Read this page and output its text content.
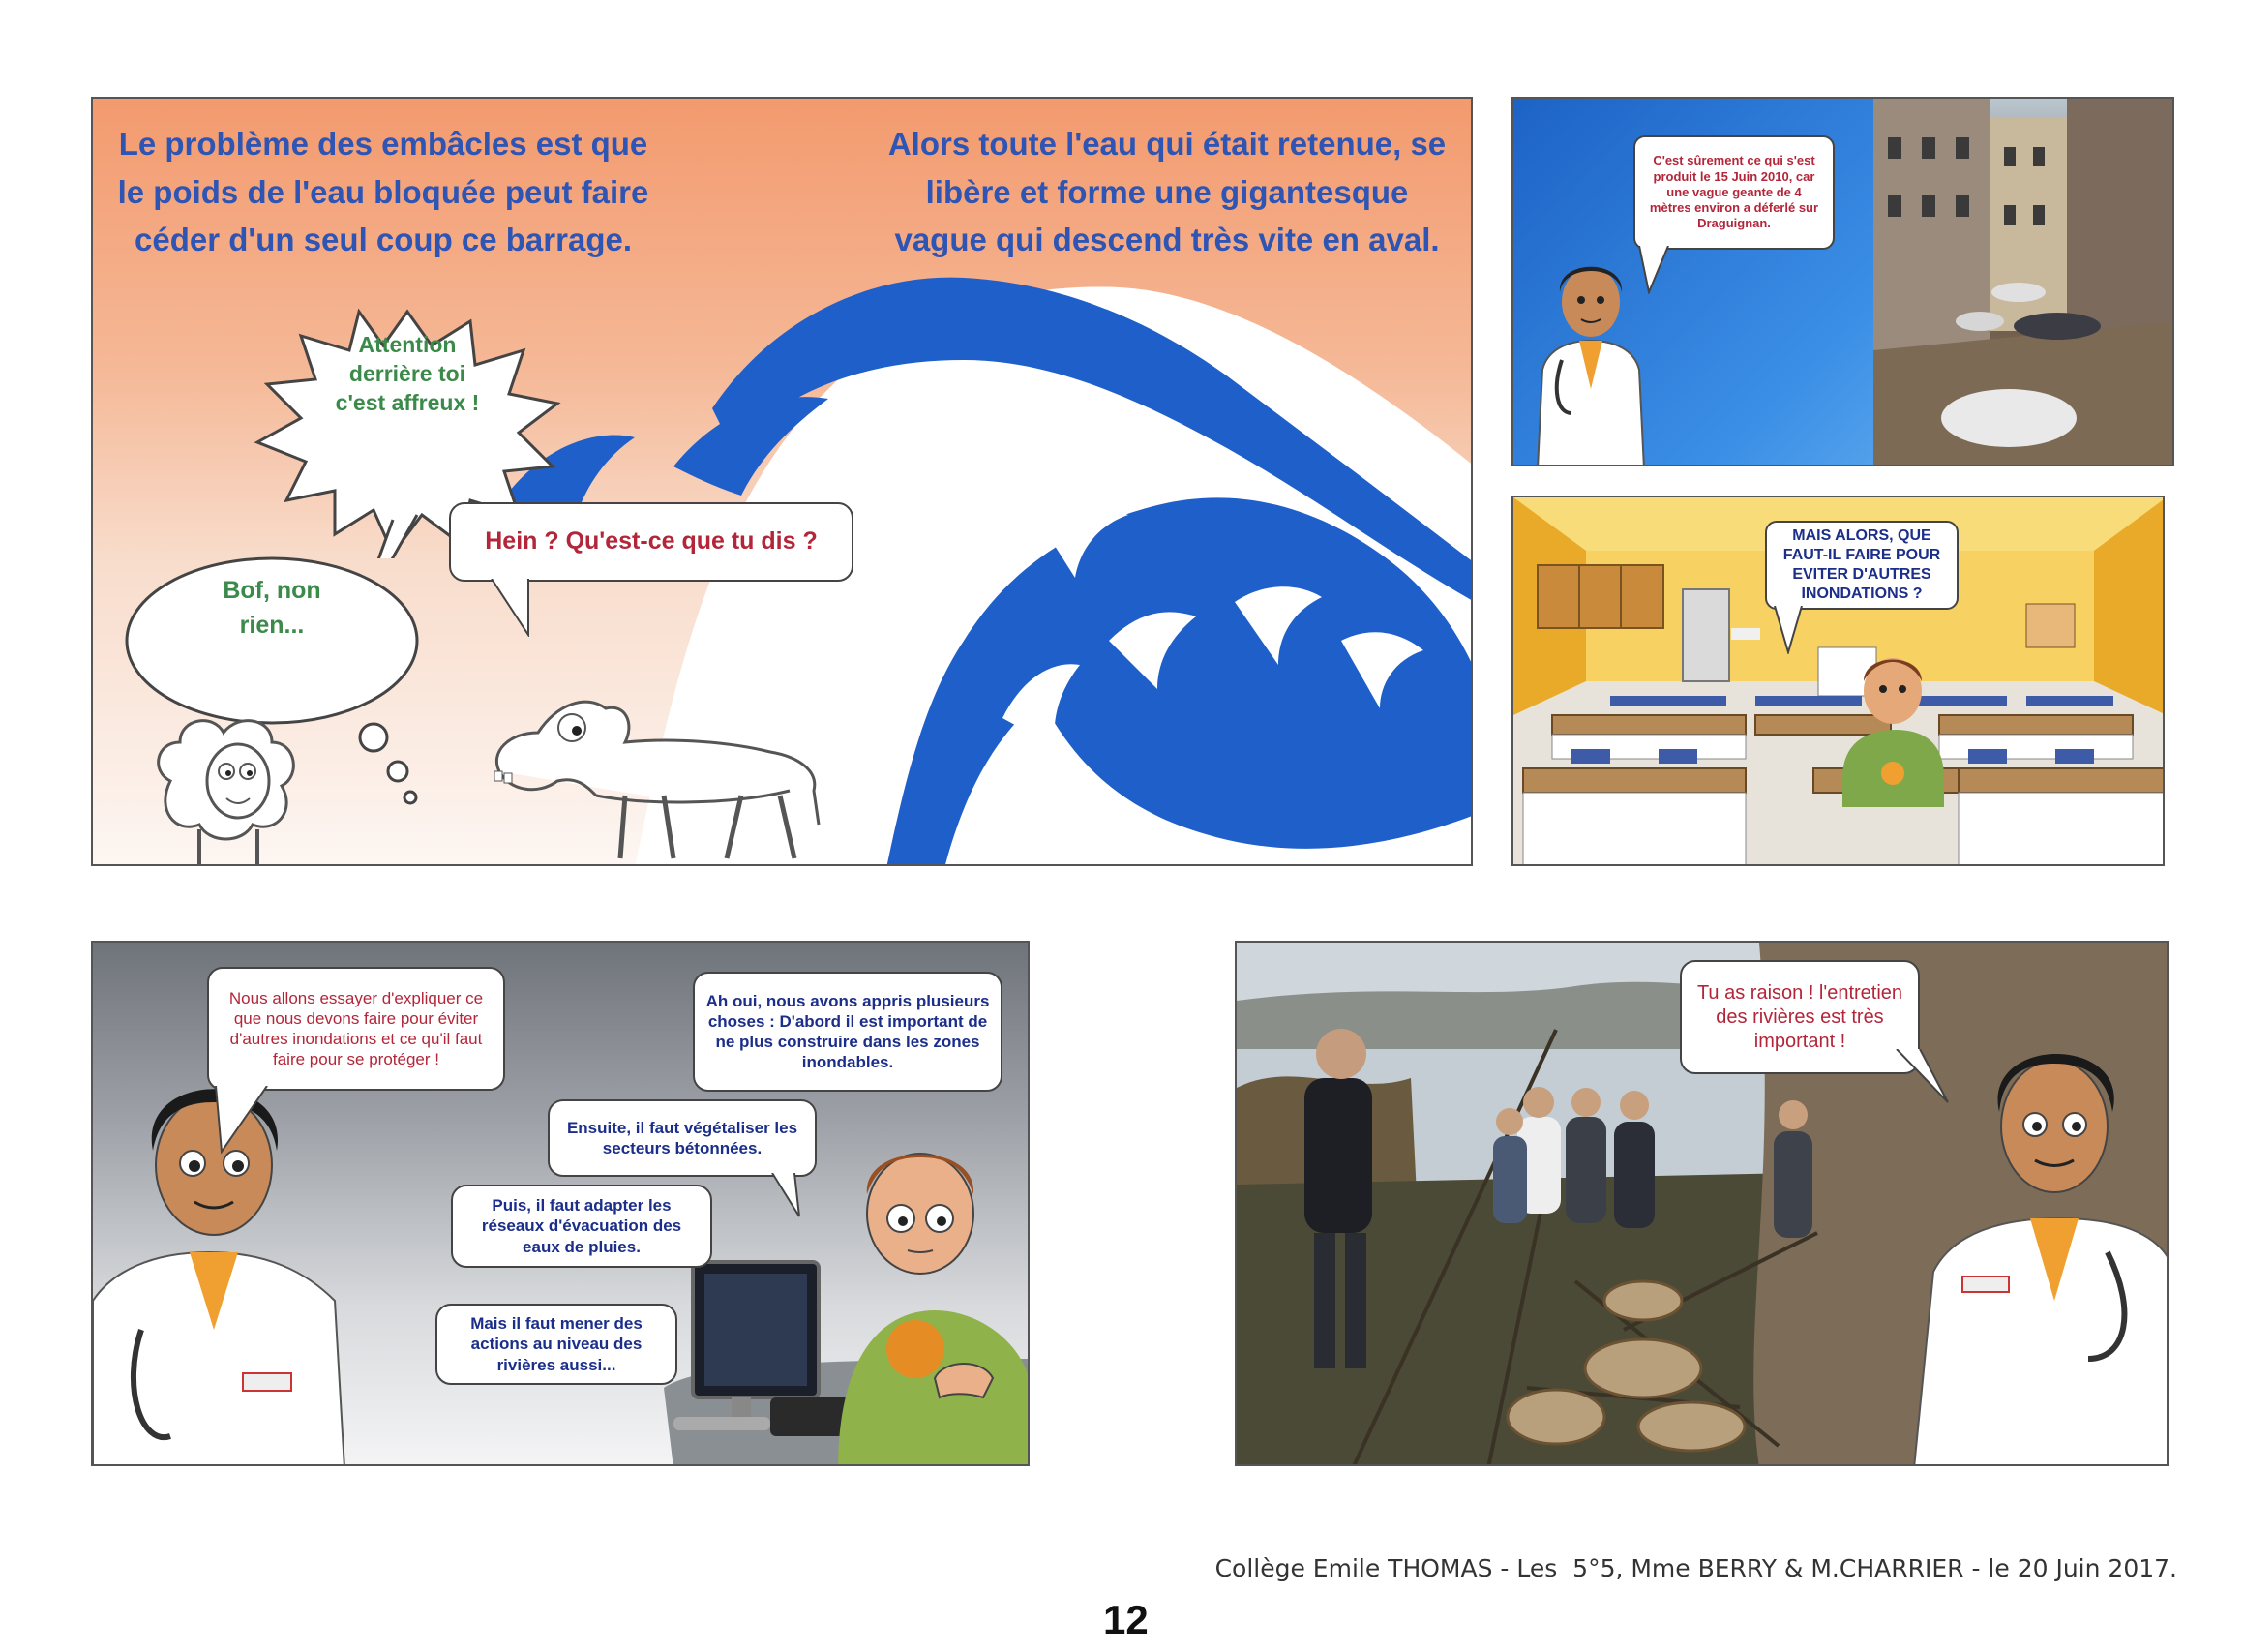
Le problème des embâcles est que le poids de l'eau bloquée peut faire céder d'un seul coup ce barrage.
Alors toute l'eau qui était retenue, se libère et forme une gigantesque vague qui descend très vite en aval.
Attention derrière toi c'est affreux !
Bof, non rien...
Hein ? Qu'est-ce que tu dis ?
C'est sûrement ce qui s'est produit le 15 Juin 2010, car une vague geante de 4 mètres environ a déferlé sur Draguignan.
MAIS ALORS, QUE FAUT-IL FAIRE POUR EVITER D'AUTRES INONDATIONS ?
Nous allons essayer d'expliquer ce que nous devons faire pour éviter d'autres inondations et ce qu'il faut faire pour se protéger !
Ah oui, nous avons appris plusieurs choses : D'abord il est important de ne plus construire dans les zones inondables.
Ensuite, il faut végétaliser les secteurs bétonnées.
Puis, il faut adapter les réseaux d'évacuation des eaux de pluies.
Mais il faut mener des actions au niveau des rivières aussi...
Tu as raison ! l'entretien des rivières est très important !
Collège Emile THOMAS - Les  5°5, Mme BERRY & M.CHARRIER - le 20 Juin 2017.
12
